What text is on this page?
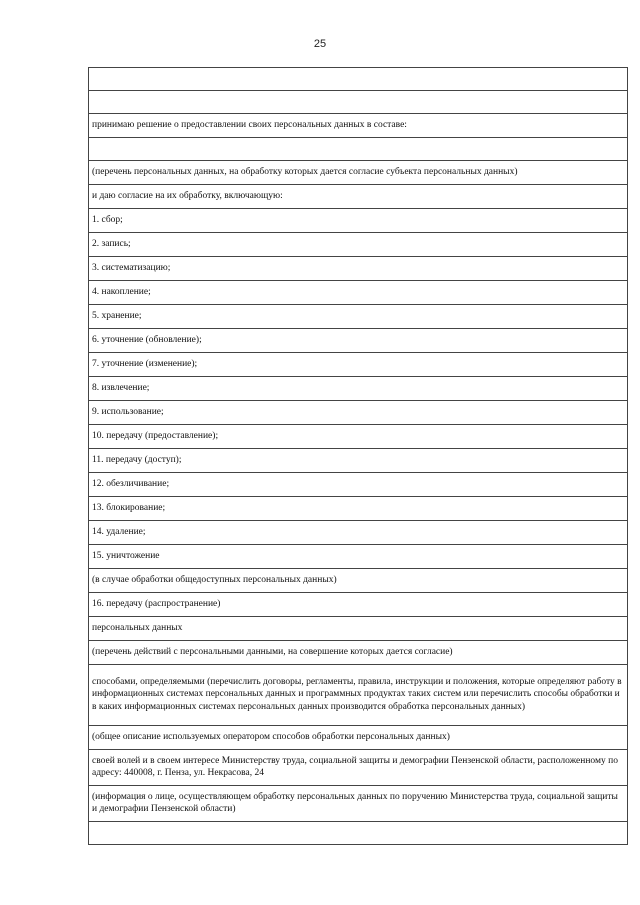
25

принимаю решение о предоставлении своих персональных данных в составе:

(перечень персональных данных, на обработку которых дается согласие субъекта персональных данных)
и даю согласие на их обработку, включающую:
1. сбор;
2. запись;
3. систематизацию;
4. накопление;
5. хранение;
6. уточнение (обновление);
7. уточнение (изменение);
8. извлечение;
9. использование;
10. передачу (предоставление);
11. передачу (доступ);
12. обезличивание;
13. блокирование;
14. удаление;
15. уничтожение
(в случае обработки общедоступных персональных данных)
16. передачу (распространение)
персональных данных
(перечень действий с персональными данными, на совершение которых дается согласие)
способами, определяемыми (перечислить договоры, регламенты, правила, инструкции и положения, которые определяют работу в информационных системах персональных данных и программных продуктах таких систем или перечислить способы обработки и в каких информационных системах персональных данных производится обработка персональных данных)
(общее описание используемых оператором способов обработки персональных данных)
своей волей и в своем интересе Министерству труда, социальной защиты и демографии Пензенской области, расположенному по адресу: 440008, г. Пенза, ул. Некрасова, 24
(информация о лице, осуществляющем обработку персональных данных по поручению Министерства труда, социальной защиты и демографии Пензенской области)
